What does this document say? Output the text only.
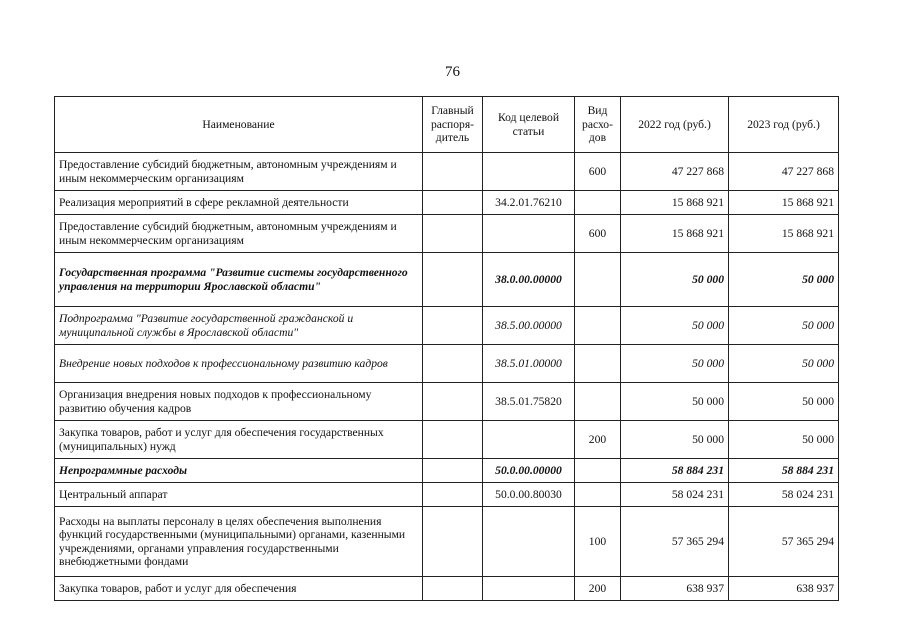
76
Наименование	Главный распоря-дитель	Код целевой статьи	Вид расхо-дов	2022 год (руб.)	2023 год (руб.)
Предоставление субсидий бюджетным, автономным учреждениям и иным некоммерческим организациям			600	47 227 868	47 227 868
Реализация мероприятий в сфере рекламной деятельности		34.2.01.76210		15 868 921	15 868 921
Предоставление субсидий бюджетным, автономным учреждениям и иным некоммерческим организациям			600	15 868 921	15 868 921
Государственная программа "Развитие системы государственного управления на территории Ярославской области"		38.0.00.00000		50 000	50 000
Подпрограмма "Развитие государственной гражданской и муниципальной службы в Ярославской области"		38.5.00.00000		50 000	50 000
Внедрение новых подходов к профессиональному развитию кадров		38.5.01.00000		50 000	50 000
Организация внедрения новых подходов к профессиональному развитию обучения кадров		38.5.01.75820		50 000	50 000
Закупка товаров, работ и услуг для обеспечения государственных (муниципальных) нужд			200	50 000	50 000
Непрограммные расходы		50.0.00.00000		58 884 231	58 884 231
Центральный аппарат		50.0.00.80030		58 024 231	58 024 231
Расходы на выплаты персоналу в целях обеспечения выполнения функций государственными (муниципальными) органами, казенными учреждениями, органами управления государственными внебюджетными фондами			100	57 365 294	57 365 294
Закупка товаров, работ и услуг для обеспечения			200	638 937	638 937
